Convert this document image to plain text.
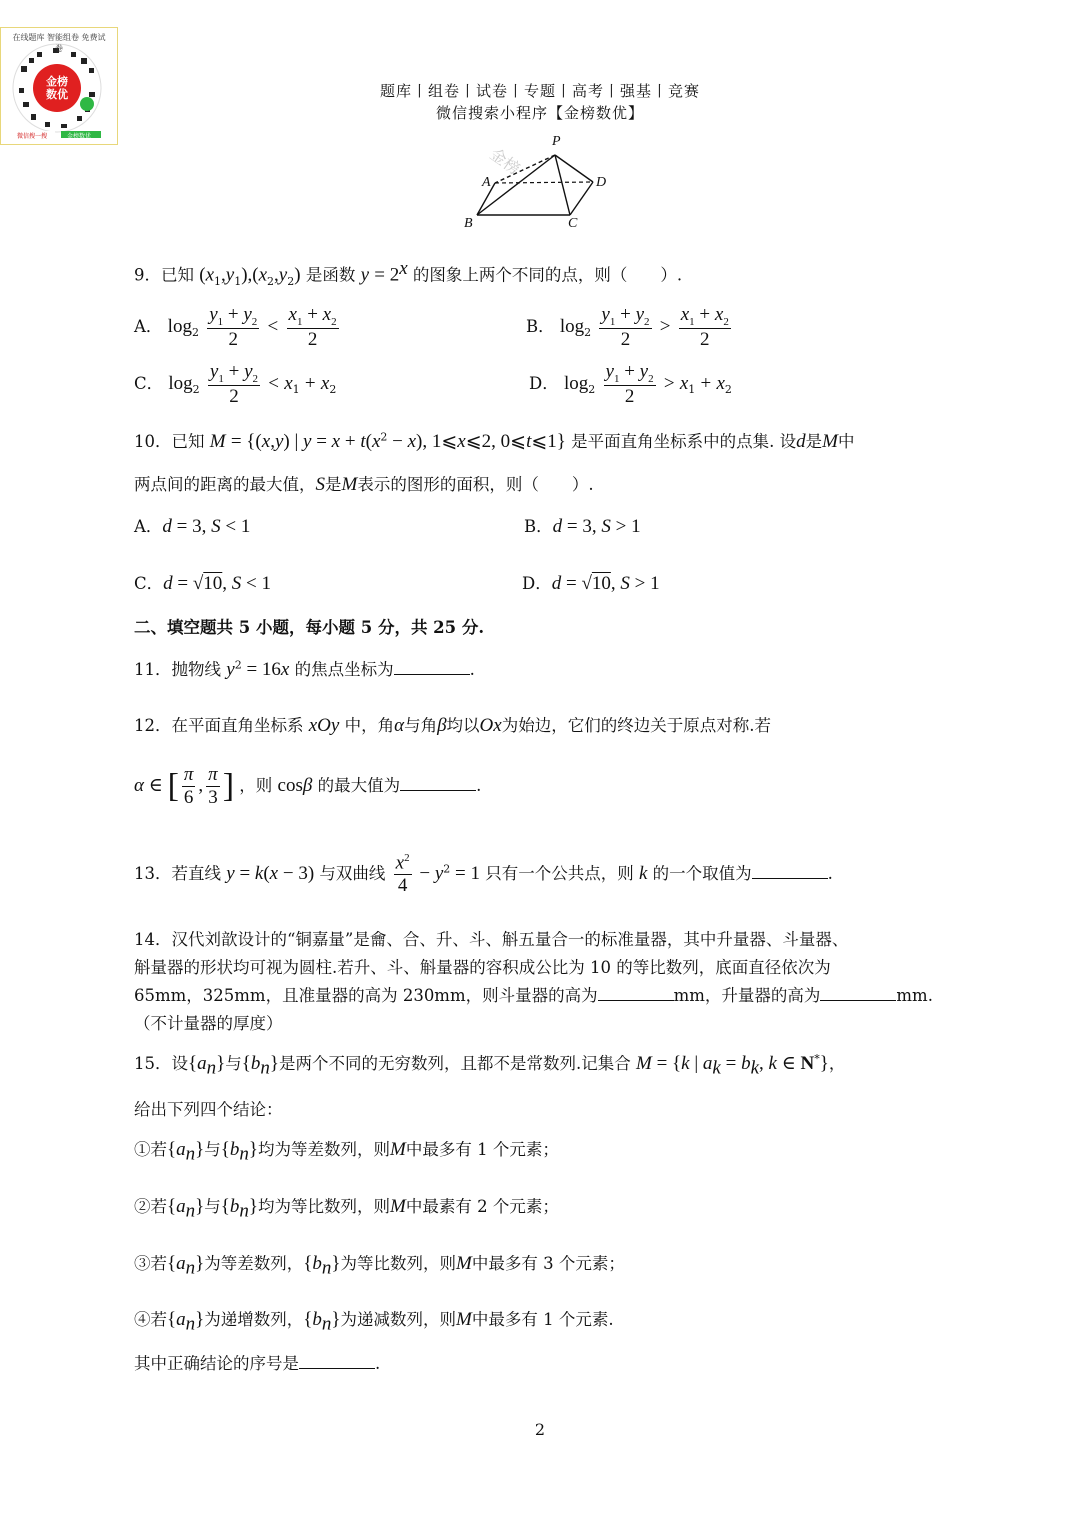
在线题库 智能组卷 免费试卷
金榜数优
微信搜一搜	金榜数优
题库丨组卷丨试卷丨专题丨高考丨强基丨竞赛
微信搜索小程序【金榜数优】
金榜
P
A	D
B	C
9．已知 $(x_1,y_1),(x_2,y_2)$ 是函数 $y = 2^x$ 的图象上两个不同的点，则（　　）.
A． $\log_2 \frac{y_1 + y_2}{2} < \frac{x_1 + x_2}{2}$	B． $\log_2 \frac{y_1 + y_2}{2} > \frac{x_1 + x_2}{2}$
C． $\log_2 \frac{y_1 + y_2}{2} < x_1 + x_2$	D． $\log_2 \frac{y_1 + y_2}{2} > x_1 + x_2$
10．已知 M = {(x,y) | $y = x + t(x^2 - x)$, 1⩽x⩽2, 0⩽t⩽1} 是平面直角坐标系中的点集. 设d是M中
两点间的距离的最大值，S是M表示的图形的面积，则（　　）.
A．d = 3, S < 1	B．d = 3, S > 1
C．d = √10, S < 1	D．d = √10, S > 1
二、填空题共 5 小题，每小题 5 分，共 25 分.
11．抛物线 $y^2 = 16x$ 的焦点坐标为	.
12．在平面直角坐标系 xOy 中，角α与角β均以Ox为始边，它们的终边关于原点对称.若
α ∈ [ $\frac{\pi}{6}$ , $\frac{\pi}{3}$ ] ，则 cosβ 的最大值为	.
13．若直线 y = k(x − 3) 与双曲线 $\frac{x^2}{4} - y^2 = 1$ 只有一个公共点，则 k 的一个取值为	.
14．汉代刘歆设计的“铜嘉量”是龠、合、升、斗、斛五量合一的标准量器，其中升量器、斗量器、
斛量器的形状均可视为圆柱.若升、斗、斛量器的容积成公比为 10 的等比数列，底面直径依次为
65mm，325mm，且准量器的高为 230mm，则斗量器的高为	mm，升量器的高为	mm.
（不计量器的厚度）
15．设$\{a_n\}$与$\{b_n\}$是两个不同的无穷数列，且都不是常数列.记集合 M = {k | $a_k = b_k$, k ∈ N*}，
给出下列四个结论：
①若$\{a_n\}$与$\{b_n\}$均为等差数列，则M中最多有 1 个元素；
②若$\{a_n\}$与$\{b_n\}$均为等比数列，则M中最素有 2 个元素；
③若$\{a_n\}$为等差数列，$\{b_n\}$为等比数列，则M中最多有 3 个元素；
④若$\{a_n\}$为递增数列，$\{b_n\}$为递减数列，则M中最多有 1 个元素.
其中正确结论的序号是	.
2
